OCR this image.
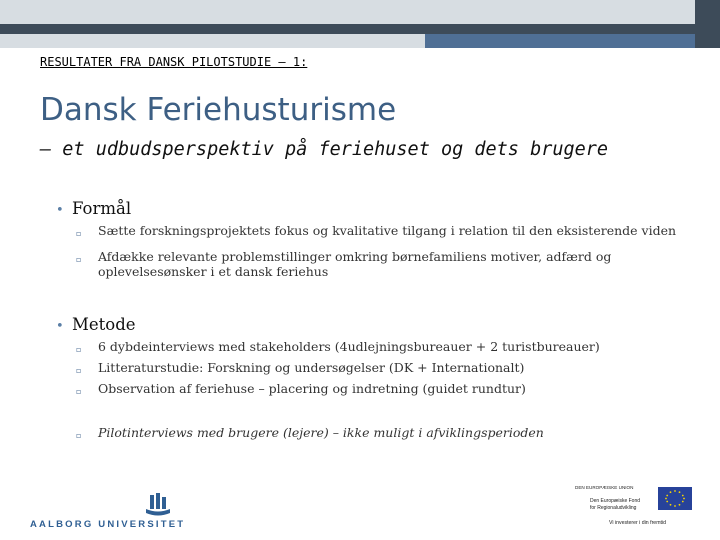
RESULTATER FRA DANSK PILOTSTUDIE – 1:
Dansk Feriehusturisme
– et udbudsperspektiv på feriehuset og dets brugere
• Formål
▫	Sætte forskningsprojektets fokus og kvalitative tilgang i relation til den eksisterende viden
▫	Afdække relevante problemstillinger omkring børnefamiliens motiver, adfærd og oplevelsesønsker i et dansk feriehus
• Metode
▫	6 dybdeinterviews med stakeholders (4udlejningsbureauer + 2 turistbureauer)
▫	Litteraturstudie: Forskning og undersøgelser (DK + Internationalt)
▫	Observation af feriehuse – placering og indretning (guidet rundtur)
▫	Pilotinterviews med brugere (lejere) – ikke muligt i afviklingsperioden
AALBORG UNIVERSITET
DEN EUROPÆISKE UNION
Den Europæiske Fond
for Regionaludvikling
Vi investerer i din fremtid
